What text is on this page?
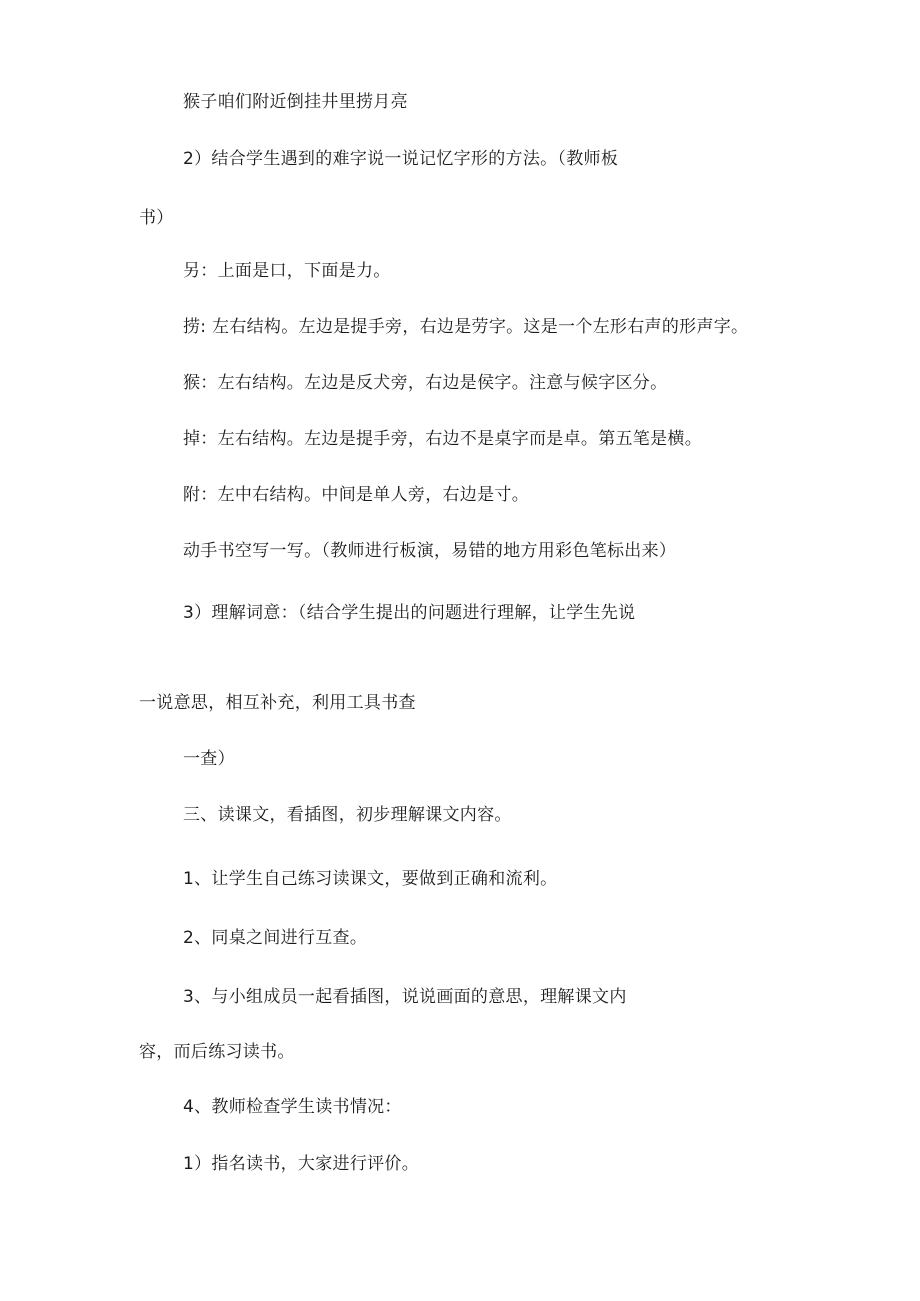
猴子咱们附近倒挂井里捞月亮
2）结合学生遇到的难字说一说记忆字形的方法。（教师板
书）
另：上面是口，下面是力。
捞: 左右结构。左边是提手旁，右边是劳字。这是一个左形右声的形声字。
猴：左右结构。左边是反犬旁，右边是侯字。注意与候字区分。
掉：左右结构。左边是提手旁，右边不是桌字而是卓。第五笔是横。
附：左中右结构。中间是单人旁，右边是寸。
动手书空写一写。（教师进行板演，易错的地方用彩色笔标出来）
3）理解词意：（结合学生提出的问题进行理解，让学生先说
一说意思，相互补充，利用工具书查
一查）
三、读课文，看插图，初步理解课文内容。
1、让学生自己练习读课文，要做到正确和流利。
2、同桌之间进行互查。
3、与小组成员一起看插图，说说画面的意思，理解课文内
容，而后练习读书。
4、教师检查学生读书情况：
1）指名读书，大家进行评价。
